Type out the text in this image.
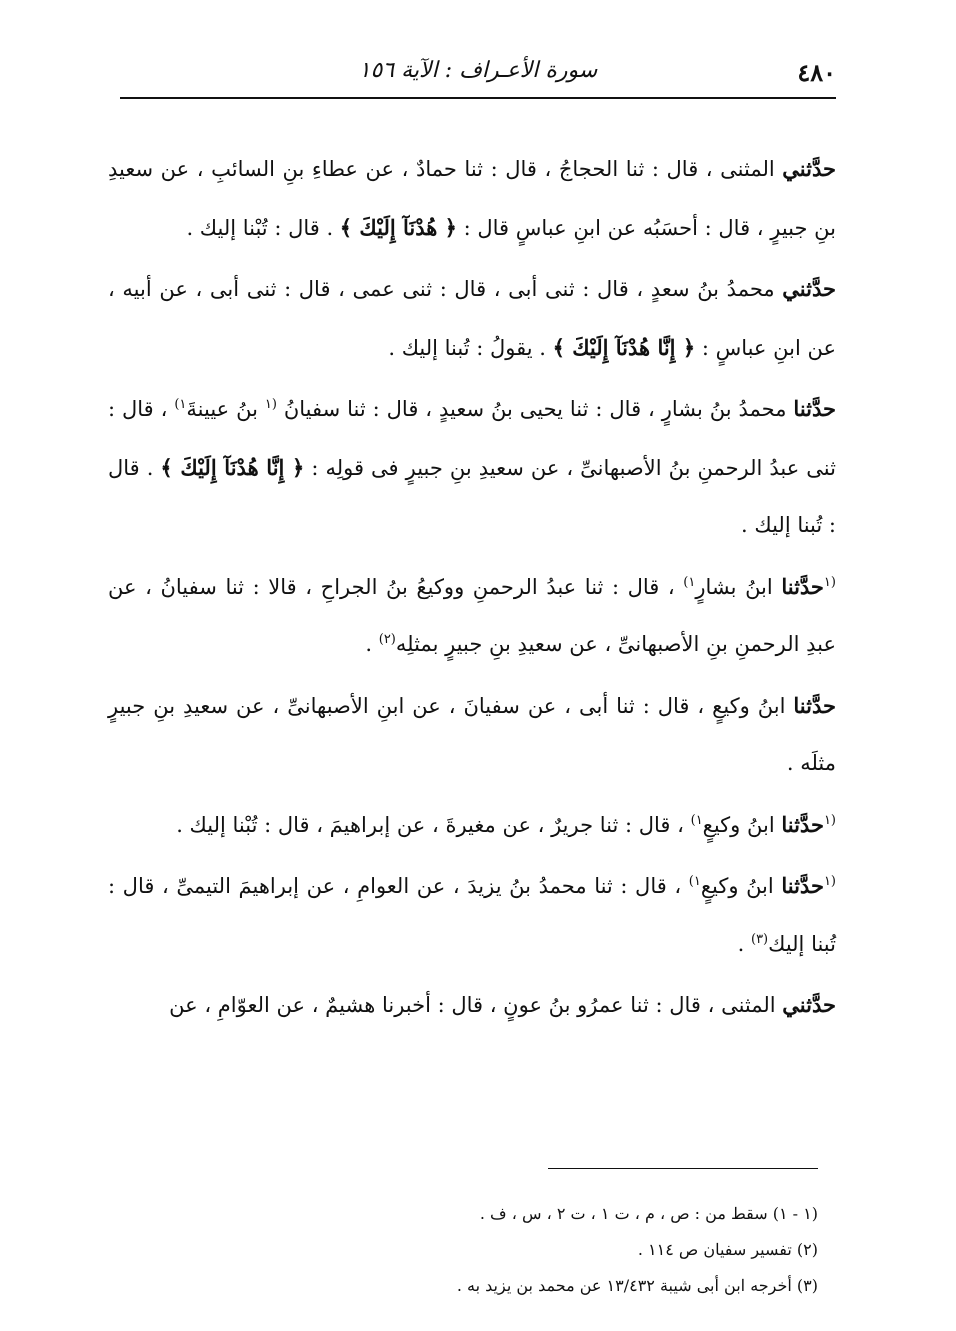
٤٨٠
سورة الأعـراف : الآية ١٥٦

حدَّثني المثنى ، قال : ثنا الحجاجُ ، قال : ثنا حمادٌ ، عن عطاءِ بنِ السائبِ ، عن سعيدِ بنِ جبيرٍ ، قال : أحسَبُه عن ابنِ عباسٍ قال : ﴿ هُدْنَآ إِلَيْكَ ﴾ . قال : تُبْنا إليك .

حدَّثني محمدُ بنُ سعدٍ ، قال : ثنى أبى ، قال : ثنى عمى ، قال : ثنى أبى ، عن أبيه ، عن ابنِ عباسٍ : ﴿ إِنَّا هُدْنَآ إِلَيْكَ ﴾ . يقولُ : تُبنا إليك .

حدَّثنا محمدُ بنُ بشارٍ ، قال : ثنا يحيى بنُ سعيدٍ ، قال : ثنا سفيانُ $^{(١}$ بنُ عيينةَ$^{١)}$ ، قال : ثنى عبدُ الرحمنِ بنُ الأصبهانىِّ ، عن سعيدِ بنِ جبيرٍ فى قولِه : ﴿ إِنَّا هُدْنَآ إِلَيْكَ ﴾ . قال : تُبنا إليك .

$^{(١}$حدَّثنا ابنُ بشارٍ$^{١)}$ ، قال : ثنا عبدُ الرحمنِ ووكيعُ بنُ الجراحِ ، قالا : ثنا سفيانُ ، عن عبدِ الرحمنِ بنِ الأصبهانىِّ ، عن سعيدِ بنِ جبيرٍ بمثلِه$^{(٢)}$ .

حدَّثنا ابنُ وكيعٍ ، قال : ثنا أبى ، عن سفيانَ ، عن ابنِ الأصبهانىِّ ، عن سعيدِ بنِ جبيرٍ مثلَه .

$^{(١}$حدَّثنا ابنُ وكيعٍ$^{١)}$ ، قال : ثنا جريرٌ ، عن مغيرةَ ، عن إبراهيمَ ، قال : تُبْنا إليك .

$^{(١}$حدَّثنا ابنُ وكيعٍ$^{١)}$ ، قال : ثنا محمدُ بنُ يزيدَ ، عن العوامِ ، عن إبراهيمَ التيمىِّ ، قال : تُبنا إليك$^{(٣)}$ .

حدَّثني المثنى ، قال : ثنا عمرُو بنُ عونٍ ، قال : أخبرنا هشيمٌ ، عن العوّامِ ، عن

(١ - ١) سقط من : ص ، م ، ت ١ ، ت ٢ ، س ، ف .

(٢) تفسير سفيان ص ١١٤ .

(٣) أخرجه ابن أبى شيبة ١٣/٤٣٢ عن محمد بن يزيد به .
